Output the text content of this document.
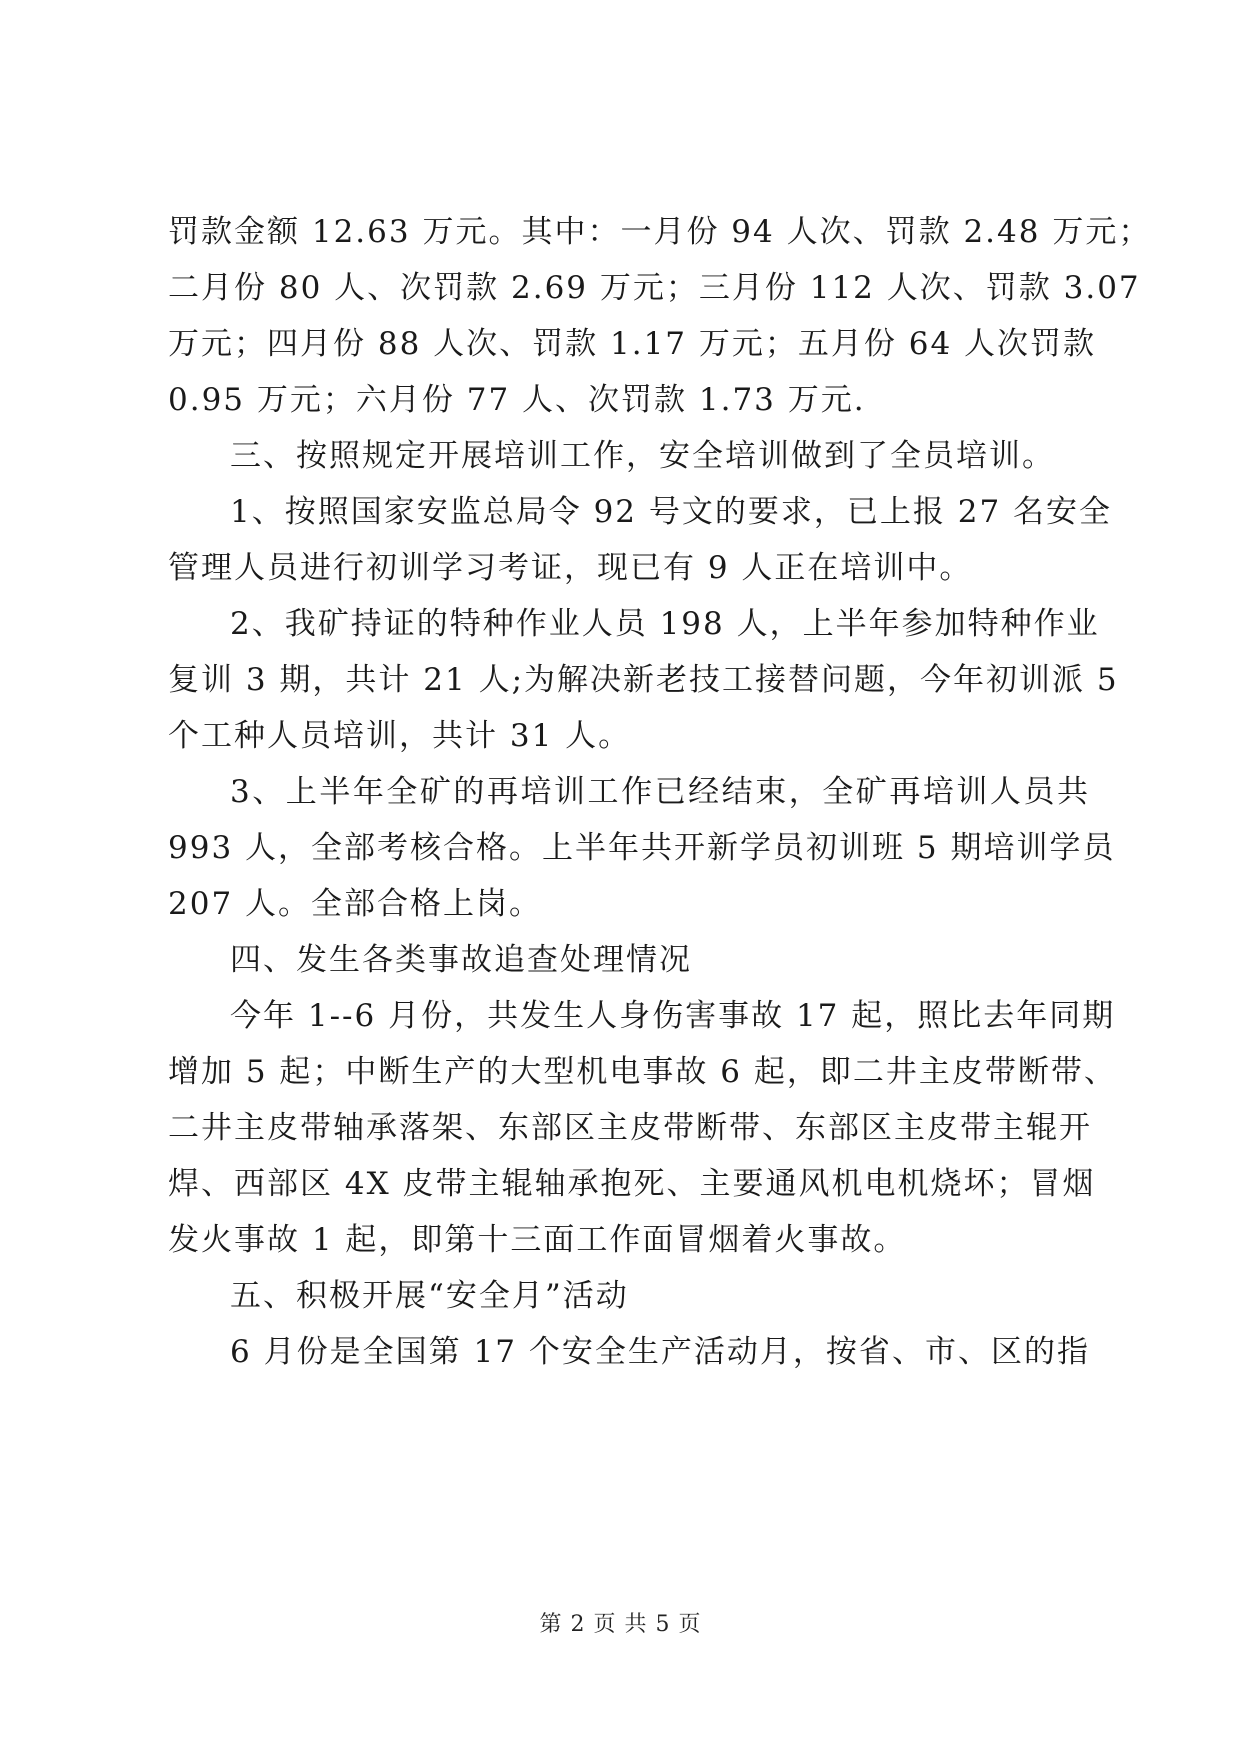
罚款金额 12.63 万元。其中：一月份 94 人次、罚款 2.48 万元；
二月份 80 人、次罚款 2.69 万元；三月份 112 人次、罚款 3.07
万元；四月份 88 人次、罚款 1.17 万元；五月份 64 人次罚款
0.95 万元；六月份 77 人、次罚款 1.73 万元.
三、按照规定开展培训工作，安全培训做到了全员培训。
1、按照国家安监总局令 92 号文的要求，已上报 27 名安全
管理人员进行初训学习考证，现已有 9 人正在培训中。
2、我矿持证的特种作业人员 198 人，上半年参加特种作业
复训 3 期，共计 21 人;为解决新老技工接替问题，今年初训派 5
个工种人员培训，共计 31 人。
3、上半年全矿的再培训工作已经结束，全矿再培训人员共
993 人，全部考核合格。上半年共开新学员初训班 5 期培训学员
207 人。全部合格上岗。
四、发生各类事故追查处理情况
今年 1--6 月份，共发生人身伤害事故 17 起，照比去年同期
增加 5 起；中断生产的大型机电事故 6 起，即二井主皮带断带、
二井主皮带轴承落架、东部区主皮带断带、东部区主皮带主辊开
焊、西部区 4X 皮带主辊轴承抱死、主要通风机电机烧坏；冒烟
发火事故 1 起，即第十三面工作面冒烟着火事故。
五、积极开展“安全月”活动
6 月份是全国第 17 个安全生产活动月，按省、市、区的指
第 2 页 共 5 页
